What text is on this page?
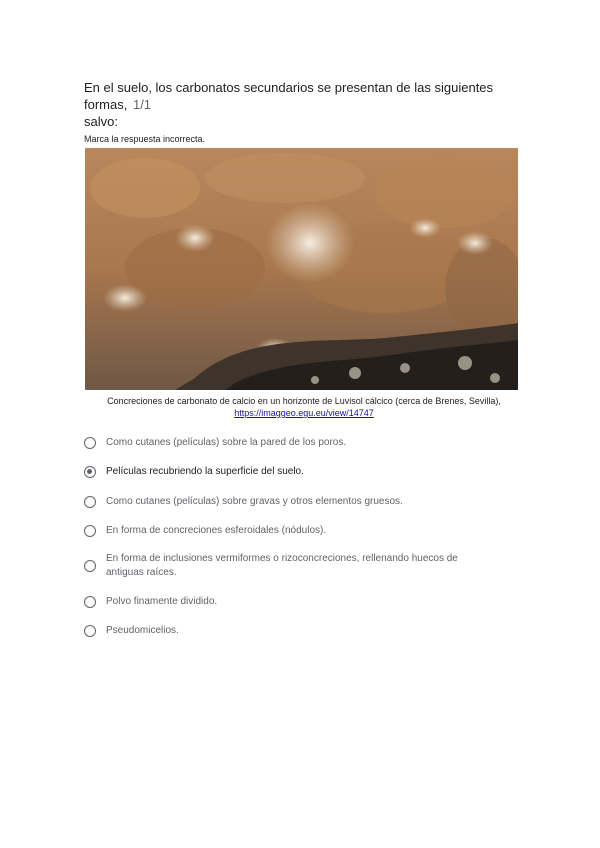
En el suelo, los carbonatos secundarios se presentan de las siguientes formas, 1/1
salvo:

Marca la respuesta incorrecta.
Concreciones de carbonato de calcio en un horizonte de Luvisol cálcico (cerca de Brenes, Sevilla),
https://imaggeo.egu.eu/view/14747
Como cutanes (películas) sobre la pared de los poros.
Películas recubriendo la superficie del suelo.
Como cutanes (películas) sobre gravas y otros elementos gruesos.
En forma de concreciones esferoidales (nódulos).
En forma de inclusiones vermiformes o rizoconcreciones, rellenando huecos de antiguas raíces.
Polvo finamente dividido.
Pseudomicelios.
